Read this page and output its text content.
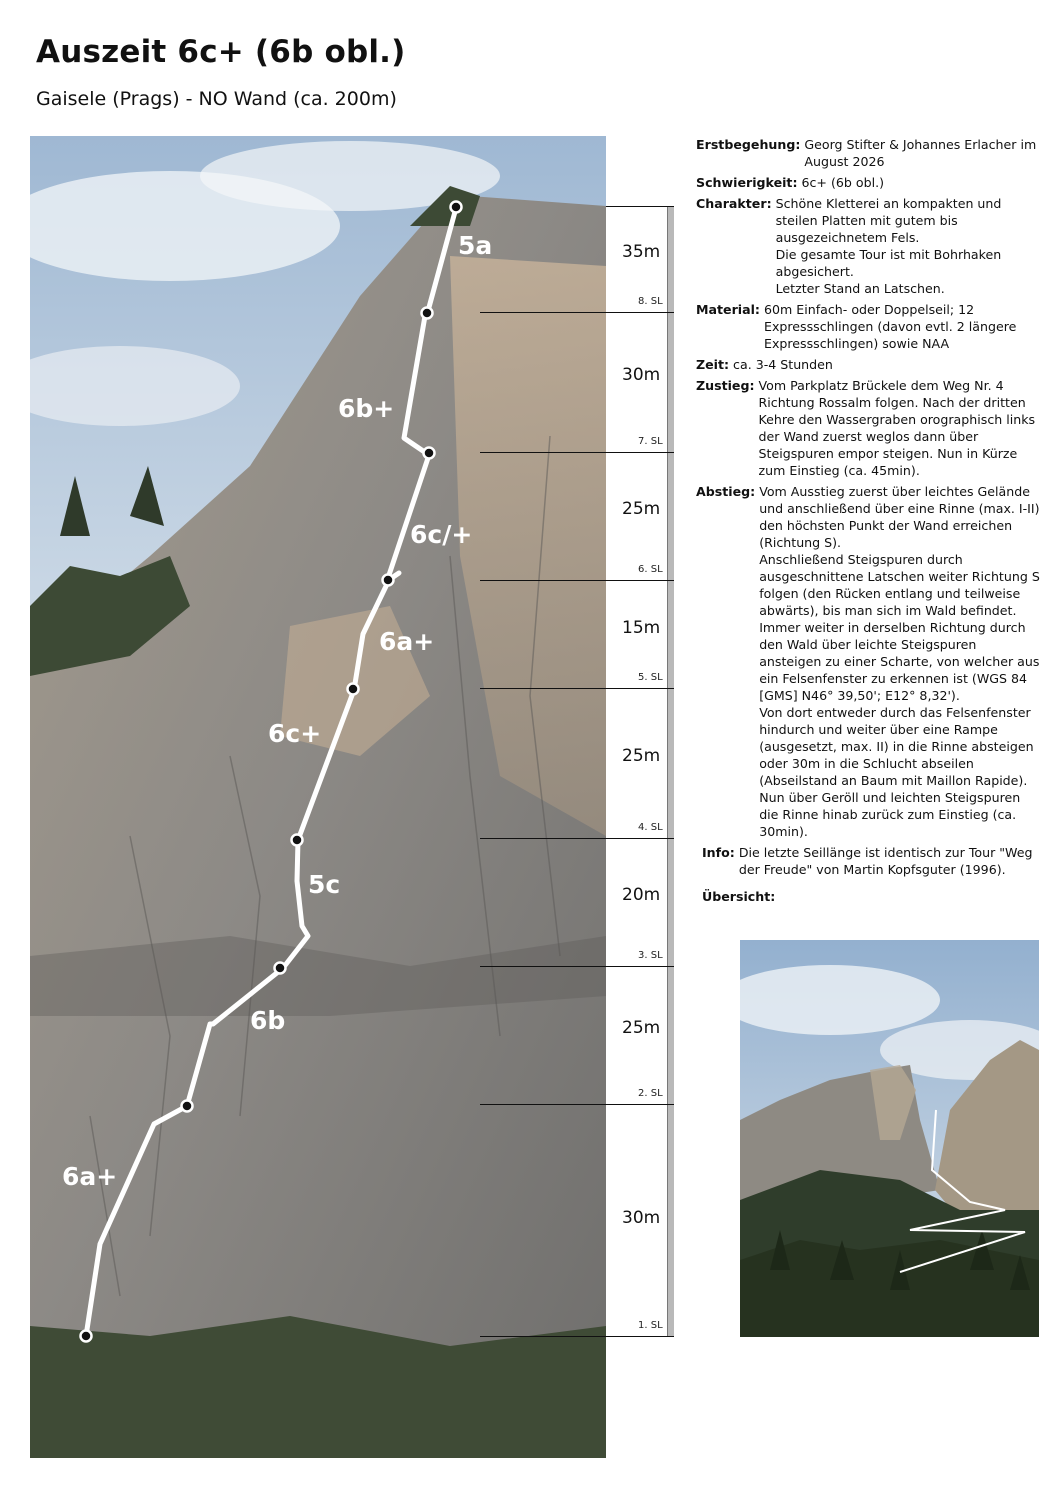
Auszeit 6c+ (6b obl.)
Gaisele (Prags) - NO Wand (ca. 200m)
6a+
6b
5c
6c+
6a+
6c/+
6b+
5a	35m
8. SL
30m
7. SL
25m
6. SL
15m
5. SL
25m
4. SL
20m
3. SL
25m
2. SL
30m
1. SL
Erstbegehung: Georg Stifter & Johannes Erlacher im August 2026
Schwierigkeit: 6c+ (6b obl.)
Charakter: Schöne Kletterei an kompakten und steilen Platten mit gutem bis ausgezeichnetem Fels.

Die gesamte Tour ist mit Bohrhaken abgesichert.

Letzter Stand an Latschen.

Material: 60m Einfach- oder Doppelseil; 12 Expressschlingen (davon evtl. 2 längere Expressschlingen) sowie NAA
Zeit: ca. 3-4 Stunden
Zustieg: Vom Parkplatz Brückele dem Weg Nr. 4 Richtung Rossalm folgen. Nach der dritten Kehre den Wassergraben orographisch links der Wand zuerst weglos dann über Steigspuren empor steigen. Nun in Kürze zum Einstieg (ca. 45min).
Abstieg: Vom Ausstieg zuerst über leichtes Gelände und anschließend über eine Rinne (max. I-II) den höchsten Punkt der Wand erreichen (Richtung S).

Anschließend Steigspuren durch ausgeschnittene Latschen weiter Richtung S folgen (den Rücken entlang und teilweise abwärts), bis man sich im Wald befindet.

Immer weiter in derselben Richtung durch den Wald über leichte Steigspuren ansteigen zu einer Scharte, von welcher aus ein Felsenfenster zu erkennen ist (WGS 84 [GMS] N46° 39,50'; E12° 8,32').

Von dort entweder durch das Felsenfenster hindurch und weiter über eine Rampe (ausgesetzt, max. II) in die Rinne absteigen oder 30m in die Schlucht abseilen (Abseilstand an Baum mit Maillon Rapide).

Nun über Geröll und leichten Steigspuren die Rinne hinab zurück zum Einstieg (ca. 30min).

Info: Die letzte Seillänge ist identisch zur Tour "Weg der Freude" von Martin Kopfsguter (1996).
Übersicht:
